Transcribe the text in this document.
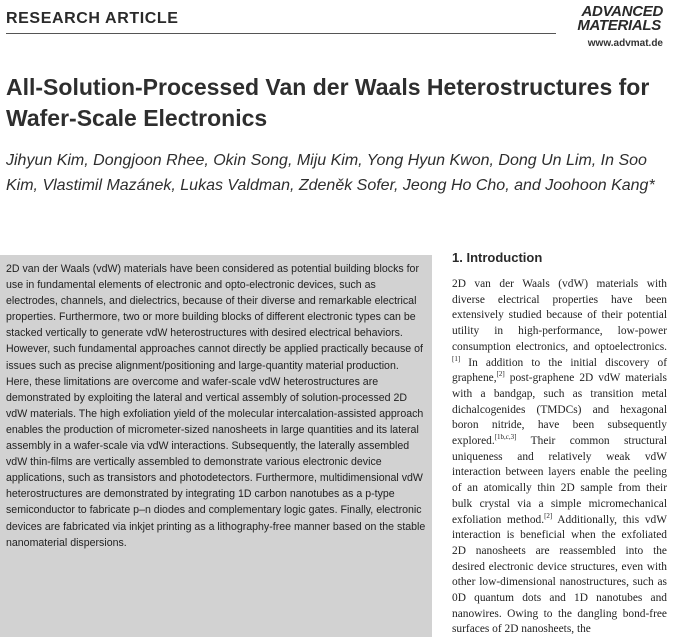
RESEARCH ARTICLE	ADVANCED
MATERIALS
www.advmat.de
All-Solution-Processed Van der Waals Heterostructures for Wafer-Scale Electronics

Jihyun Kim, Dongjoon Rhee, Okin Song, Miju Kim, Yong Hyun Kwon, Dong Un Lim, In Soo Kim, Vlastimil Mazánek, Lukas Valdman, Zdeněk Sofer, Jeong Ho Cho, and Joohoon Kang*

2D van der Waals (vdW) materials have been considered as potential building blocks for use in fundamental elements of electronic and opto-electronic devices, such as electrodes, channels, and dielectrics, because of their diverse and remarkable electrical properties. Furthermore, two or more building blocks of different electronic types can be stacked vertically to generate vdW heterostructures with desired electrical behaviors. However, such fundamental approaches cannot directly be applied practically because of issues such as precise alignment/positioning and large-quantity material production. Here, these limitations are overcome and wafer-scale vdW heterostructures are demonstrated by exploiting the lateral and vertical assembly of solution-processed 2D vdW materials. The high exfoliation yield of the molecular intercalation-assisted approach enables the production of micrometer-sized nanosheets in large quantities and its lateral assembly in a wafer-scale via vdW interactions. Subsequently, the laterally assembled vdW thin-films are vertically assembled to demonstrate various electronic device applications, such as transistors and photodetectors. Furthermore, multidimensional vdW heterostructures are demonstrated by integrating 1D carbon nanotubes as a p-type semiconductor to fabricate p–n diodes and complementary logic gates. Finally, electronic devices are fabricated via inkjet printing as a lithography-free manner based on the stable nanomaterial dispersions.

1. Introduction

2D van der Waals (vdW) materials with diverse electrical properties have been extensively studied because of their potential utility in high-performance, low-power consumption electronics, and optoelectronics.[1] In addition to the initial discovery of graphene,[2] post-graphene 2D vdW materials with a bandgap, such as transition metal dichalcogenides (TMDCs) and hexagonal boron nitride, have been subsequently explored.[1b,c,3] Their common structural uniqueness and relatively weak vdW interaction between layers enable the peeling of an atomically thin 2D sample from their bulk crystal via a simple micromechanical exfoliation method.[2] Additionally, this vdW interaction is beneficial when the exfoliated 2D nanosheets are reassembled into the desired electronic device structures, even with other low-dimensional nanostructures, such as 0D quantum dots and 1D nanotubes and nanowires. Owing to the dangling bond-free surfaces of 2D nanosheets, the
